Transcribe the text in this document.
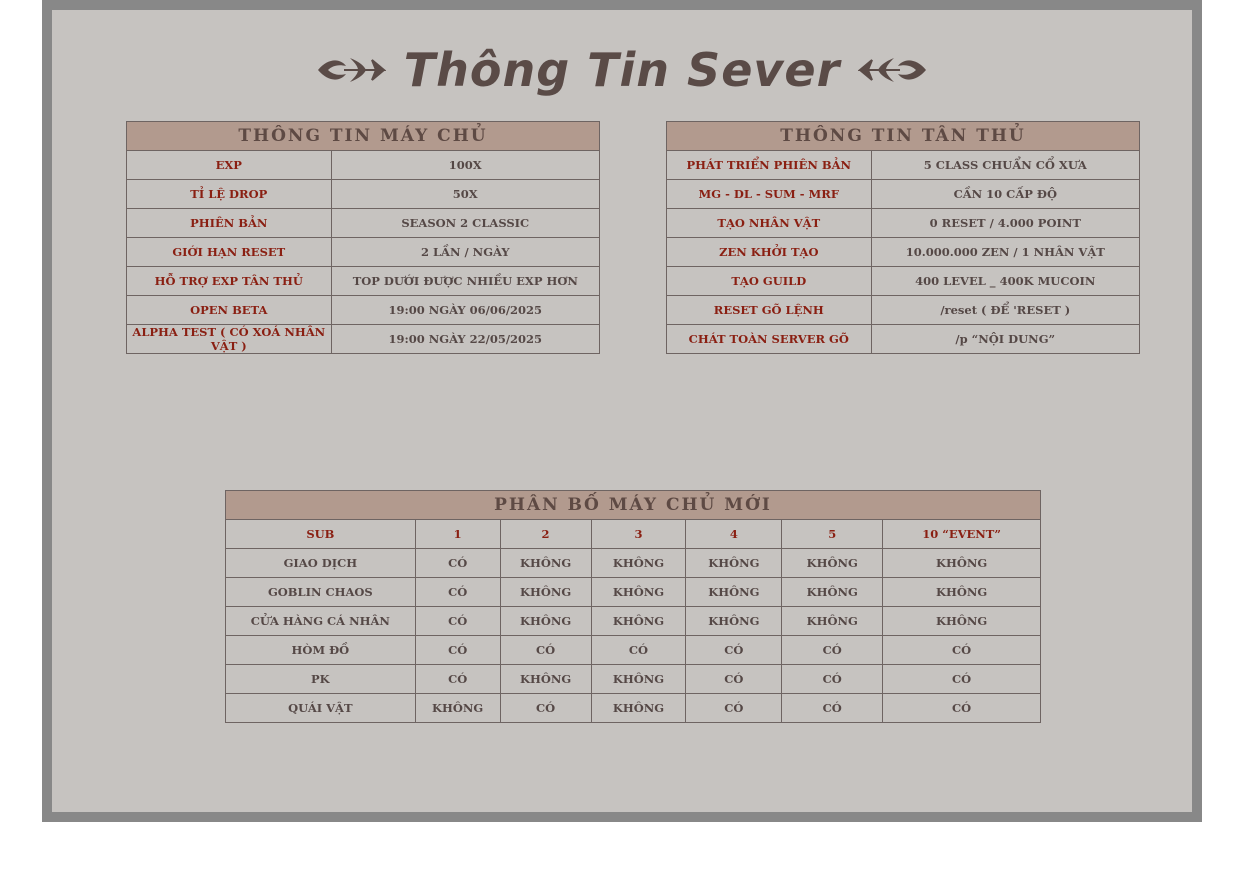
Thông Tin Sever
THÔNG TIN MÁY CHỦ	
EXP	100X
TỈ LỆ DROP	50X
PHIÊN BẢN	SEASON 2 CLASSIC
GIỚI HẠN RESET	2 LẦN / NGÀY
HỖ TRỢ EXP TÂN THỦ	TOP DƯỚI ĐƯỢC NHIỀU EXP HƠN
OPEN BETA	19:00 NGÀY 06/06/2025
ALPHA TEST ( CÓ XOÁ NHÂN VẬT )	19:00 NGÀY 22/05/2025
THÔNG TIN TÂN THỦ	
PHÁT TRIỂN PHIÊN BẢN	5 CLASS CHUẨN CỔ XƯA
MG - DL - SUM - MRF	CẦN 10 CẤP ĐỘ
TẠO NHÂN VẬT	0 RESET / 4.000 POINT
ZEN KHỞI TẠO	10.000.000 ZEN / 1 NHÂN VẬT
TẠO GUILD	400 LEVEL _ 400K MUCOIN
RESET GÕ LỆNH	/reset ( ĐỂ 'RESET )
CHÁT TOÀN SERVER GÕ	/p “NỘI DUNG”
PHÂN BỐ MÁY CHỦ MỚI						
SUB	1	2	3	4	5	10 “EVENT”
GIAO DỊCH	CÓ	KHÔNG	KHÔNG	KHÔNG	KHÔNG	KHÔNG
GOBLIN CHAOS	CÓ	KHÔNG	KHÔNG	KHÔNG	KHÔNG	KHÔNG
CỬA HÀNG CÁ NHÂN	CÓ	KHÔNG	KHÔNG	KHÔNG	KHÔNG	KHÔNG
HÒM ĐỒ	CÓ	CÓ	CÓ	CÓ	CÓ	CÓ
PK	CÓ	KHÔNG	KHÔNG	CÓ	CÓ	CÓ
QUÁI VẬT	KHÔNG	CÓ	KHÔNG	CÓ	CÓ	CÓ
